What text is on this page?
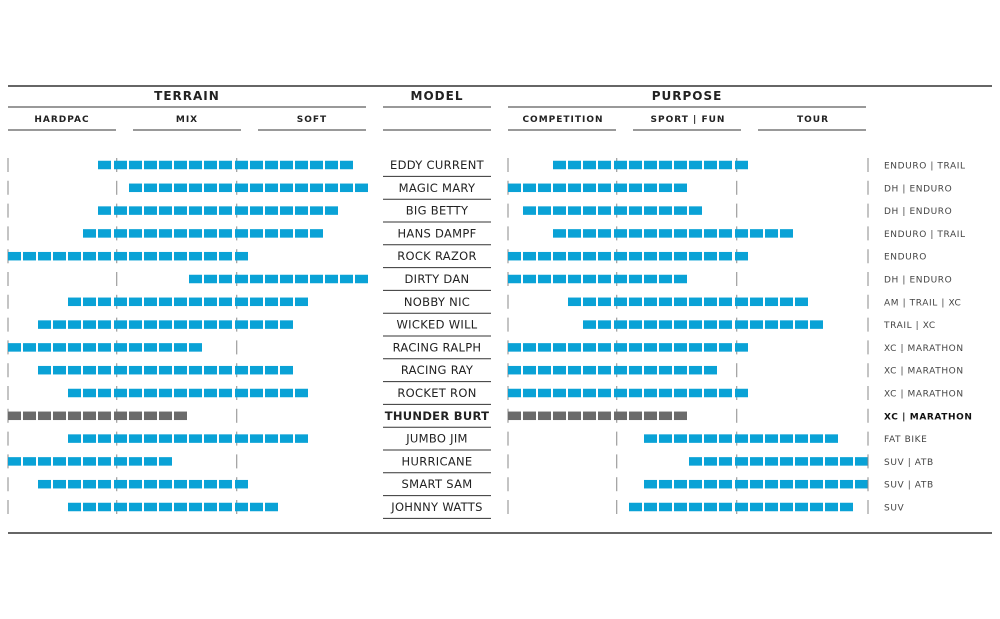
TERRAIN	MODEL	PURPOSE
HARDPAC	MIX	SOFT	COMPETITION	SPORT | FUN	TOUR
EDDY CURRENT	ENDURO | TRAIL
MAGIC MARY	DH | ENDURO
BIG BETTY	DH | ENDURO
HANS DAMPF	ENDURO | TRAIL
ROCK RAZOR	ENDURO
DIRTY DAN	DH | ENDURO
NOBBY NIC	AM | TRAIL | XC
WICKED WILL	TRAIL | XC
RACING RALPH	XC | MARATHON
RACING RAY	XC | MARATHON
ROCKET RON	XC | MARATHON
THUNDER BURT	XC | MARATHON
JUMBO JIM	FAT BIKE
HURRICANE	SUV | ATB
SMART SAM	SUV | ATB
JOHNNY WATTS	SUV
